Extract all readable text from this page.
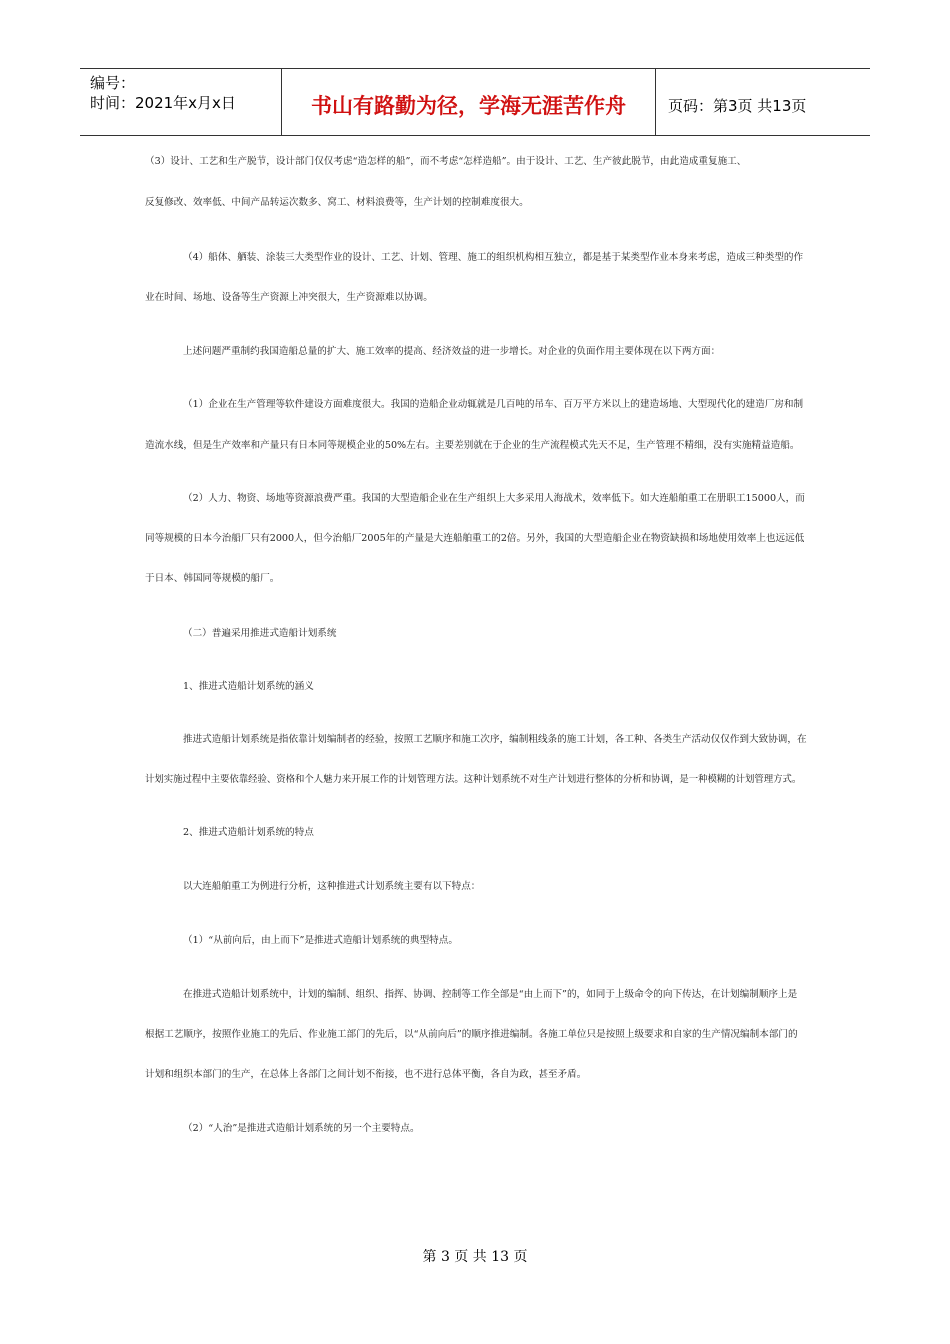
编号：
时间：2021年x月x日	书山有路勤为径，学海无涯苦作舟	页码：第3页 共13页
（3）设计、工艺和生产脱节，设计部门仅仅考虑“造怎样的船”，而不考虑“怎样造船”。由于设计、工艺、生产彼此脱节，由此造成重复施工、
反复修改、效率低、中间产品转运次数多、窝工、材料浪费等，生产计划的控制难度很大。
（4）船体、舾装、涂装三大类型作业的设计、工艺、计划、管理、施工的组织机构相互独立，都是基于某类型作业本身来考虑，造成三种类型的作
业在时间、场地、设备等生产资源上冲突很大，生产资源难以协调。
上述问题严重制约我国造船总量的扩大、施工效率的提高、经济效益的进一步增长。对企业的负面作用主要体现在以下两方面：
（1）企业在生产管理等软件建设方面难度很大。我国的造船企业动辄就是几百吨的吊车、百万平方米以上的建造场地、大型现代化的建造厂房和制
造流水线，但是生产效率和产量只有日本同等规模企业的50%左右。主要差别就在于企业的生产流程模式先天不足，生产管理不精细，没有实施精益造船。
（2）人力、物资、场地等资源浪费严重。我国的大型造船企业在生产组织上大多采用人海战术，效率低下。如大连船舶重工在册职工15000人，而
同等规模的日本今治船厂只有2000人，但今治船厂2005年的产量是大连船舶重工的2倍。另外，我国的大型造船企业在物资缺损和场地使用效率上也远远低
于日本、韩国同等规模的船厂。
（二）普遍采用推进式造船计划系统
1、推进式造船计划系统的涵义
推进式造船计划系统是指依靠计划编制者的经验，按照工艺顺序和施工次序，编制粗线条的施工计划，各工种、各类生产活动仅仅作到大致协调，在
计划实施过程中主要依靠经验、资格和个人魅力来开展工作的计划管理方法。这种计划系统不对生产计划进行整体的分析和协调，是一种模糊的计划管理方式。
2、推进式造船计划系统的特点
以大连船舶重工为例进行分析，这种推进式计划系统主要有以下特点：
（1）“从前向后，由上而下”是推进式造船计划系统的典型特点。
在推进式造船计划系统中，计划的编制、组织、指挥、协调、控制等工作全部是“由上而下”的，如同于上级命令的向下传达，在计划编制顺序上是
根据工艺顺序，按照作业施工的先后、作业施工部门的先后，以“从前向后”的顺序推进编制。各施工单位只是按照上级要求和自家的生产情况编制本部门的
计划和组织本部门的生产，在总体上各部门之间计划不衔接，也不进行总体平衡，各自为政，甚至矛盾。
（2）“人治”是推进式造船计划系统的另一个主要特点。
第 3 页 共 13 页
